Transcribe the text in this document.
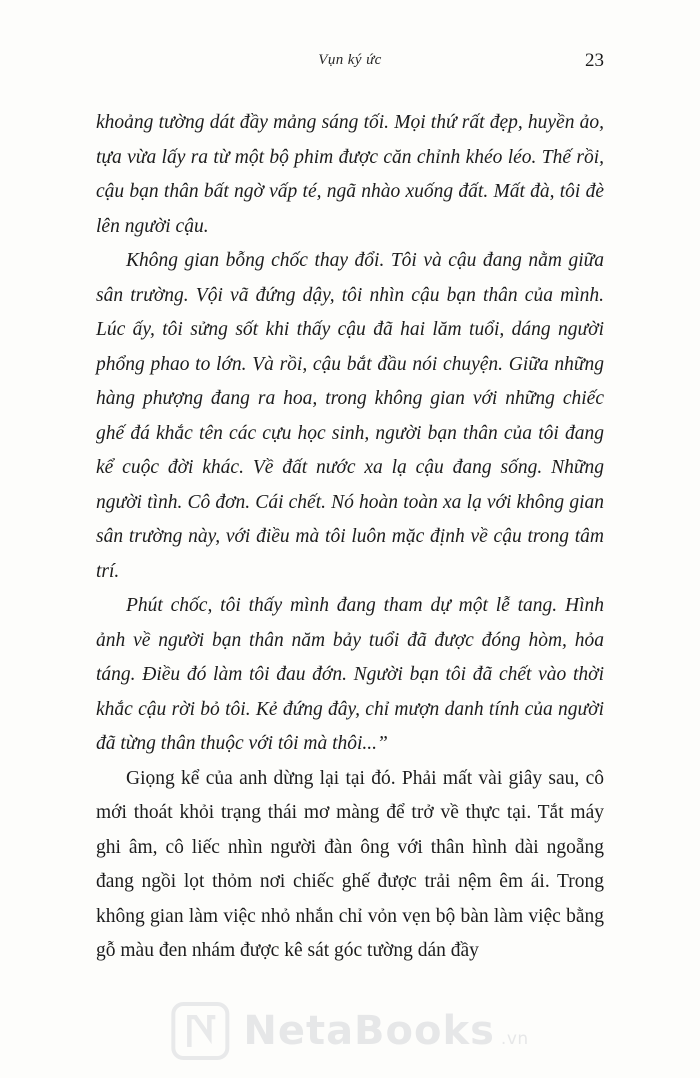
Vụn ký ức	23

khoảng tường dát đầy mảng sáng tối. Mọi thứ rất đẹp, huyền ảo, tựa vừa lấy ra từ một bộ phim được căn chỉnh khéo léo. Thế rồi, cậu bạn thân bất ngờ vấp té, ngã nhào xuống đất. Mất đà, tôi đè lên người cậu.

Không gian bỗng chốc thay đổi. Tôi và cậu đang nằm giữa sân trường. Vội vã đứng dậy, tôi nhìn cậu bạn thân của mình. Lúc ấy, tôi sửng sốt khi thấy cậu đã hai lăm tuổi, dáng người phổng phao to lớn. Và rồi, cậu bắt đầu nói chuyện. Giữa những hàng phượng đang ra hoa, trong không gian với những chiếc ghế đá khắc tên các cựu học sinh, người bạn thân của tôi đang kể cuộc đời khác. Về đất nước xa lạ cậu đang sống. Những người tình. Cô đơn. Cái chết. Nó hoàn toàn xa lạ với không gian sân trường này, với điều mà tôi luôn mặc định về cậu trong tâm trí.

Phút chốc, tôi thấy mình đang tham dự một lễ tang. Hình ảnh về người bạn thân năm bảy tuổi đã được đóng hòm, hỏa táng. Điều đó làm tôi đau đớn. Người bạn tôi đã chết vào thời khắc cậu rời bỏ tôi. Kẻ đứng đây, chỉ mượn danh tính của người đã từng thân thuộc với tôi mà thôi...”

Giọng kể của anh dừng lại tại đó. Phải mất vài giây sau, cô mới thoát khỏi trạng thái mơ màng để trở về thực tại. Tắt máy ghi âm, cô liếc nhìn người đàn ông với thân hình dài ngoẵng đang ngồi lọt thỏm nơi chiếc ghế được trải nệm êm ái. Trong không gian làm việc nhỏ nhắn chỉ vỏn vẹn bộ bàn làm việc bằng gỗ màu đen nhám được kê sát góc tường dán đầy

NetaBooks .vn
